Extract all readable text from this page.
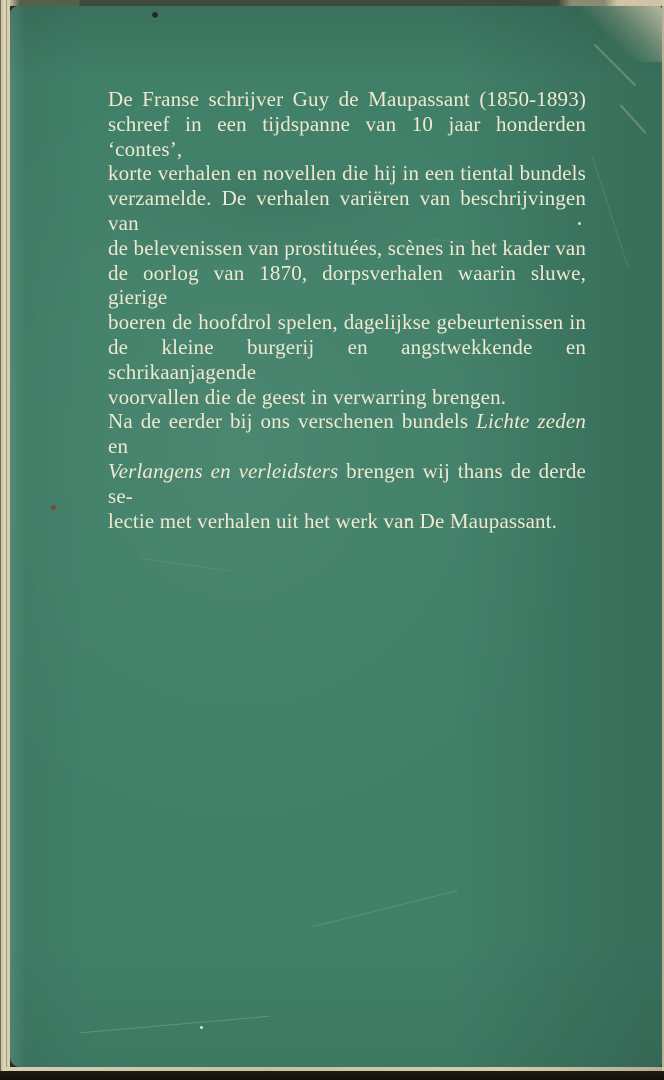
De Franse schrijver Guy de Maupassant (1850-1893)
schreef in een tijdspanne van 10 jaar honderden ‘contes’,
korte verhalen en novellen die hij in een tiental bundels
verzamelde. De verhalen variëren van beschrijvingen van
de belevenissen van prostituées, scènes in het kader van
de oorlog van 1870, dorpsverhalen waarin sluwe, gierige
boeren de hoofdrol spelen, dagelijkse gebeurtenissen in
de kleine burgerij en angstwekkende en schrikaanjagende
voorvallen die de geest in verwarring brengen.
Na de eerder bij ons verschenen bundels Lichte zeden en
Verlangens en verleidsters brengen wij thans de derde se-
lectie met verhalen uit het werk van De Maupassant.
